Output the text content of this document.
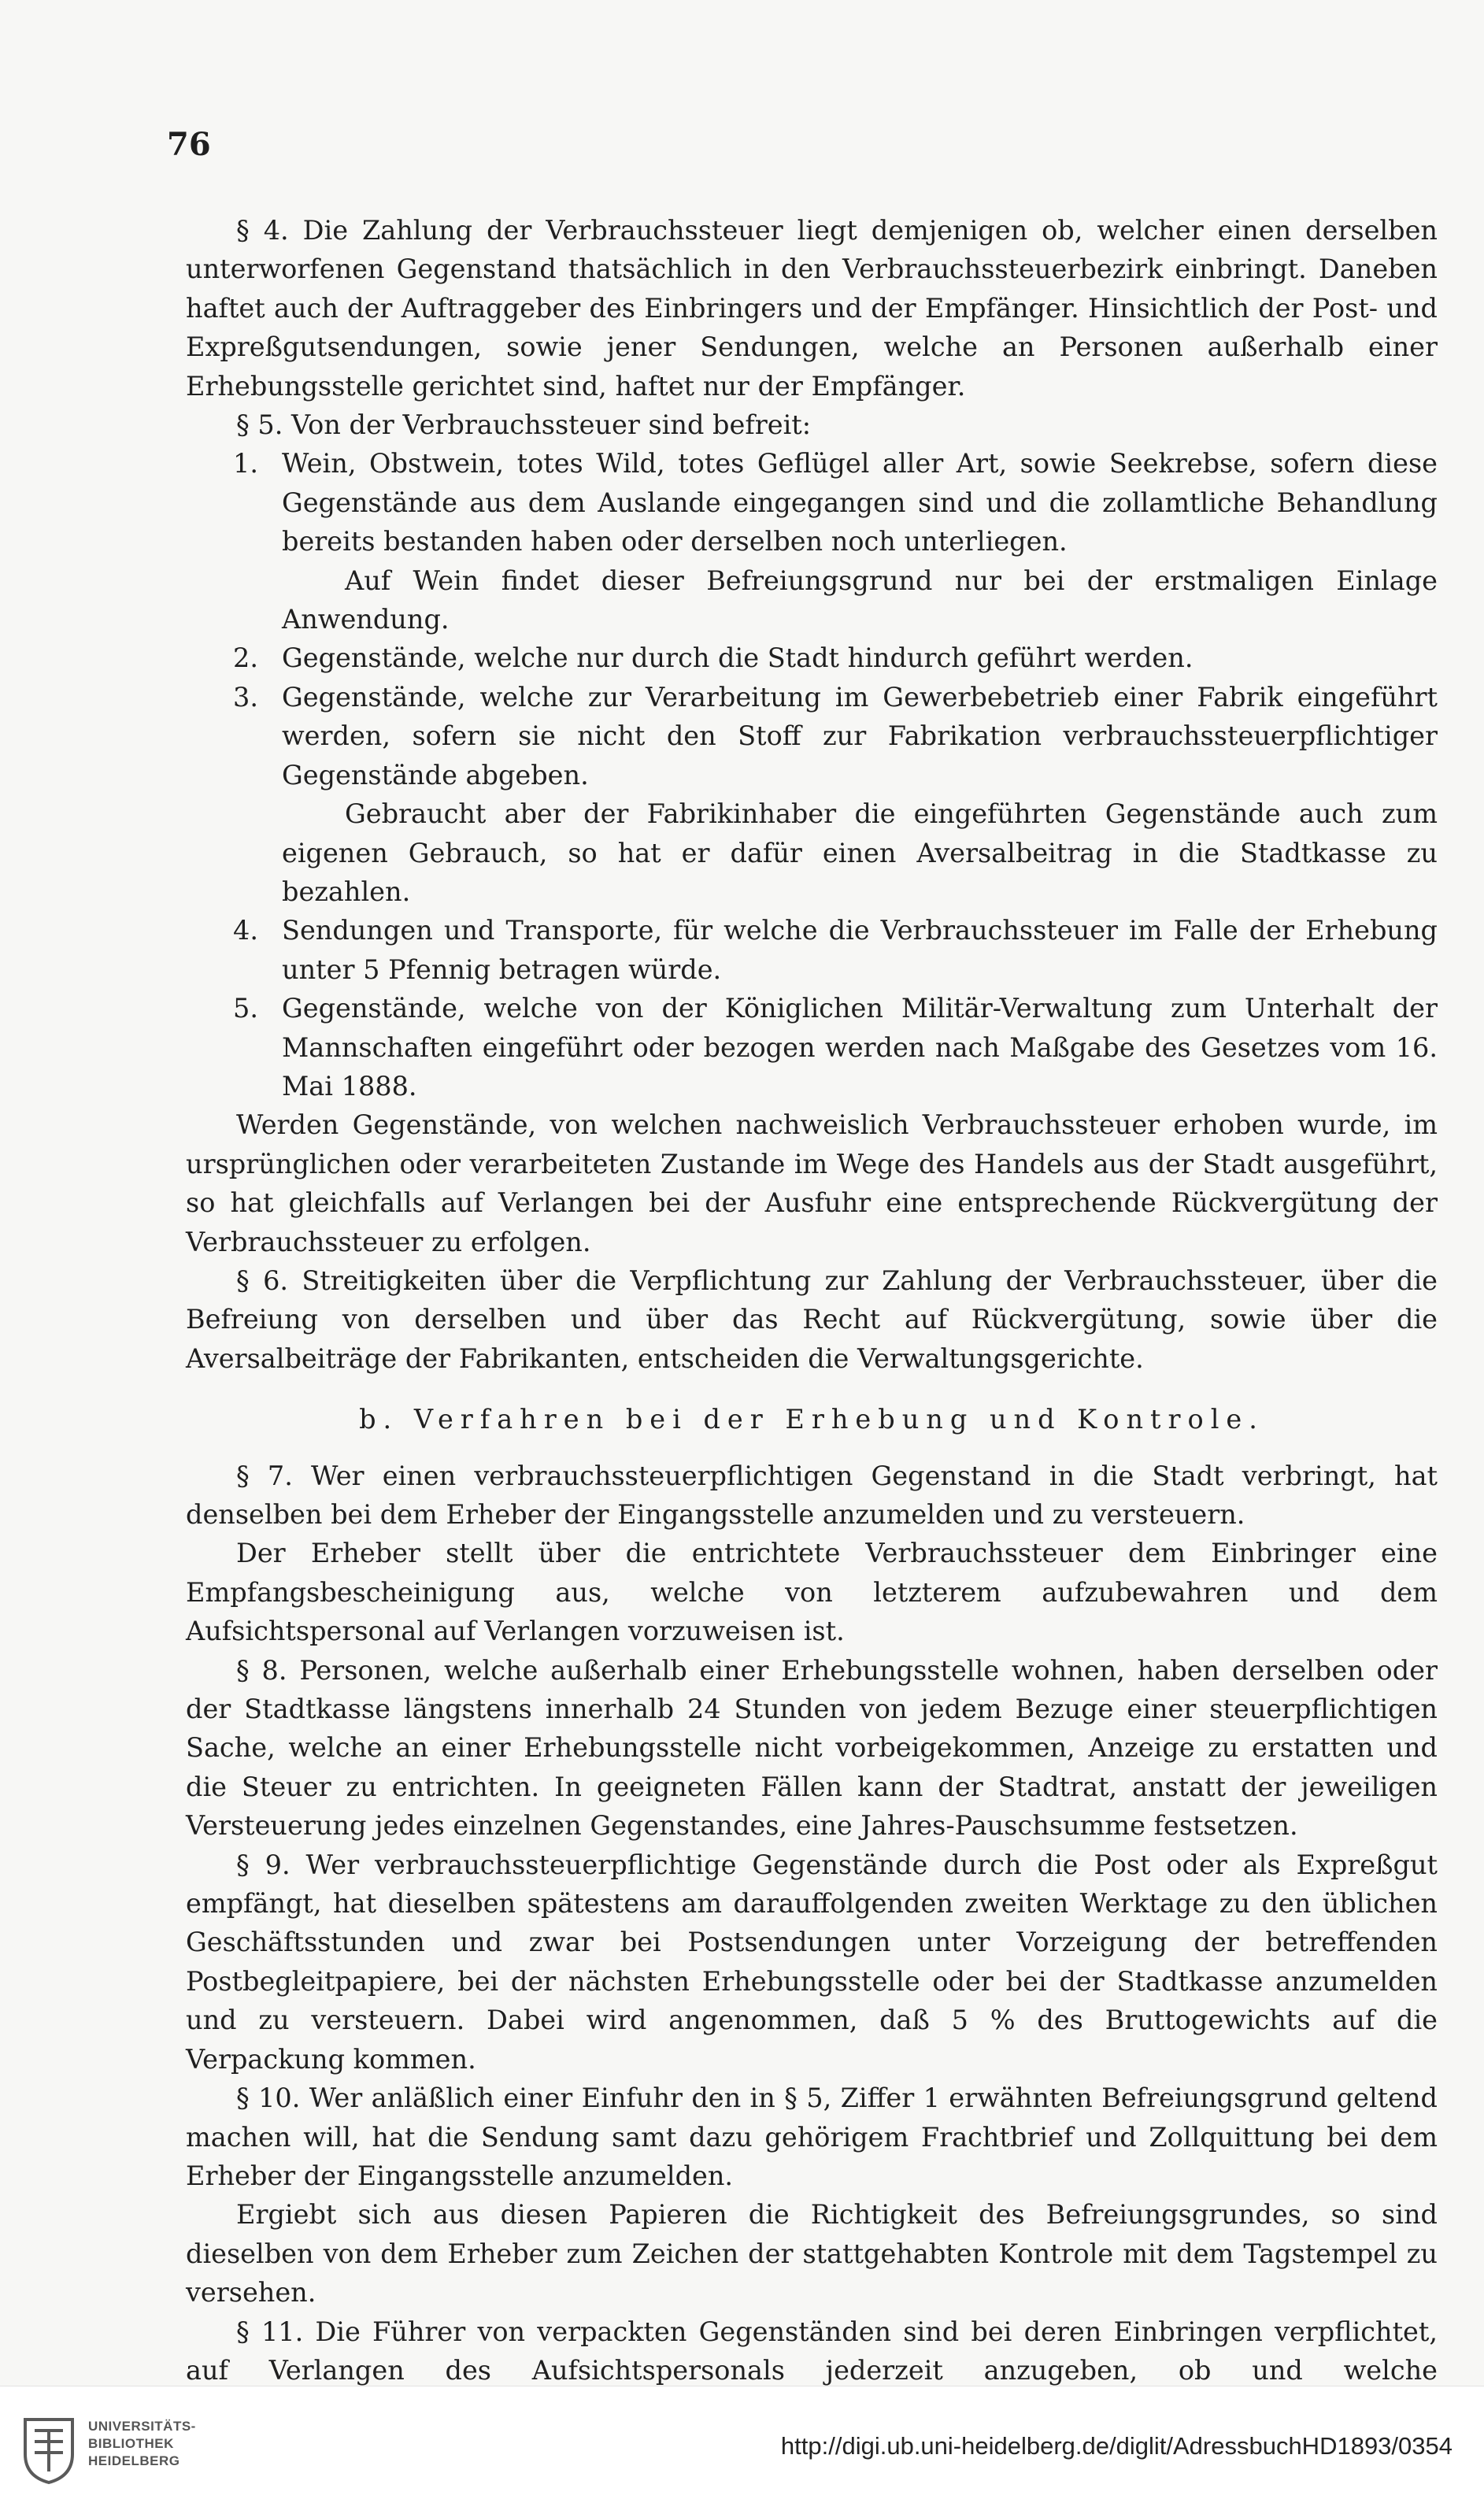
76

§ 4. Die Zahlung der Verbrauchssteuer liegt demjenigen ob, welcher einen derselben unterworfenen Gegenstand thatsächlich in den Verbrauchssteuerbezirk einbringt. Daneben haftet auch der Auftraggeber des Einbringers und der Empfänger. Hinsichtlich der Post- und Expreßgutsendungen, sowie jener Sendungen, welche an Personen außerhalb einer Erhebungsstelle gerichtet sind, haftet nur der Empfänger.

§ 5. Von der Verbrauchssteuer sind befreit:

1. Wein, Obstwein, totes Wild, totes Geflügel aller Art, sowie Seekrebse, sofern diese Gegenstände aus dem Auslande eingegangen sind und die zollamtliche Behandlung bereits bestanden haben oder derselben noch unterliegen.

Auf Wein findet dieser Befreiungsgrund nur bei der erstmaligen Einlage Anwendung.

2. Gegenstände, welche nur durch die Stadt hindurch geführt werden.

3. Gegenstände, welche zur Verarbeitung im Gewerbebetrieb einer Fabrik eingeführt werden, sofern sie nicht den Stoff zur Fabrikation verbrauchssteuerpflichtiger Gegenstände abgeben.

Gebraucht aber der Fabrikinhaber die eingeführten Gegenstände auch zum eigenen Gebrauch, so hat er dafür einen Aversalbeitrag in die Stadtkasse zu bezahlen.

4. Sendungen und Transporte, für welche die Verbrauchssteuer im Falle der Erhebung unter 5 Pfennig betragen würde.

5. Gegenstände, welche von der Königlichen Militär-Verwaltung zum Unterhalt der Mannschaften eingeführt oder bezogen werden nach Maßgabe des Gesetzes vom 16. Mai 1888.

Werden Gegenstände, von welchen nachweislich Verbrauchssteuer erhoben wurde, im ursprünglichen oder verarbeiteten Zustande im Wege des Handels aus der Stadt ausgeführt, so hat gleichfalls auf Verlangen bei der Ausfuhr eine entsprechende Rückvergütung der Verbrauchssteuer zu erfolgen.

§ 6. Streitigkeiten über die Verpflichtung zur Zahlung der Verbrauchssteuer, über die Befreiung von derselben und über das Recht auf Rückvergütung, sowie über die Aversalbeiträge der Fabrikanten, entscheiden die Verwaltungsgerichte.

b. Verfahren bei der Erhebung und Kontrole.

§ 7. Wer einen verbrauchssteuerpflichtigen Gegenstand in die Stadt verbringt, hat denselben bei dem Erheber der Eingangsstelle anzumelden und zu versteuern.

Der Erheber stellt über die entrichtete Verbrauchssteuer dem Einbringer eine Empfangsbescheinigung aus, welche von letzterem aufzubewahren und dem Aufsichtspersonal auf Verlangen vorzuweisen ist.

§ 8. Personen, welche außerhalb einer Erhebungsstelle wohnen, haben derselben oder der Stadtkasse längstens innerhalb 24 Stunden von jedem Bezuge einer steuerpflichtigen Sache, welche an einer Erhebungsstelle nicht vorbeigekommen, Anzeige zu erstatten und die Steuer zu entrichten. In geeigneten Fällen kann der Stadtrat, anstatt der jeweiligen Versteuerung jedes einzelnen Gegenstandes, eine Jahres-Pauschsumme festsetzen.

§ 9. Wer verbrauchssteuerpflichtige Gegenstände durch die Post oder als Expreßgut empfängt, hat dieselben spätestens am darauffolgenden zweiten Werktage zu den üblichen Geschäftsstunden und zwar bei Postsendungen unter Vorzeigung der betreffenden Postbegleitpapiere, bei der nächsten Erhebungsstelle oder bei der Stadtkasse anzumelden und zu versteuern. Dabei wird angenommen, daß 5 % des Bruttogewichts auf die Verpackung kommen.

§ 10. Wer anläßlich einer Einfuhr den in § 5, Ziffer 1 erwähnten Befreiungsgrund geltend machen will, hat die Sendung samt dazu gehörigem Frachtbrief und Zollquittung bei dem Erheber der Eingangsstelle anzumelden.

Ergiebt sich aus diesen Papieren die Richtigkeit des Befreiungsgrundes, so sind dieselben von dem Erheber zum Zeichen der stattgehabten Kontrole mit dem Tagstempel zu versehen.

§ 11. Die Führer von verpackten Gegenständen sind bei deren Einbringen verpflichtet, auf Verlangen des Aufsichtspersonals jederzeit anzugeben, ob und welche

UNIVERSITÄTS-
BIBLIOTHEK
HEIDELBERG
http://digi.ub.uni-heidelberg.de/diglit/AdressbuchHD1893/0354
